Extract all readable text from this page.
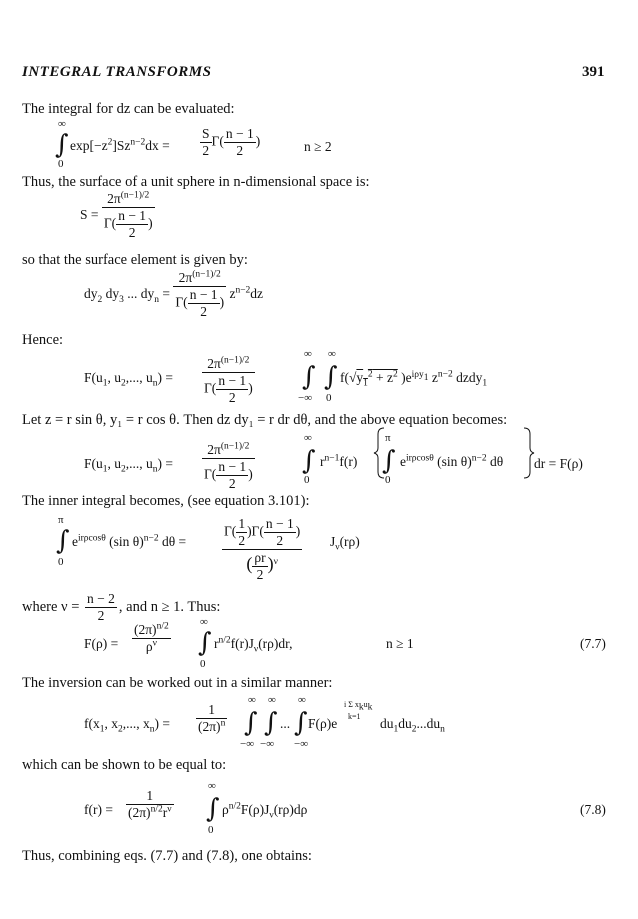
INTEGRAL TRANSFORMS	391
The integral for dz can be evaluated:
∞
∫ $\exp[-z^2]Sz^{n-2}dx = \frac{S}{2} \Gamma( \frac{n - 1}{2}$ )
0
n ≥ 2
Thus, the surface of a unit sphere in n-dimensional space is:
$S = \frac{2\pi^{(n-1)/2}}{\Gamma( \frac{n - 1}{2} )}$
so that the surface element is given by:
$dy_2$ $dy_3$ ... $dy_n = \frac{2\pi^{(n-1)/2}}{\Gamma( \frac{n - 1}{2} )} z^{n-2}dz$
Hence:
$F(u_1$, $u_2$,..., $u_n) = \frac{2\pi^{(n-1)/2}}{\Gamma( \frac{n - 1}{2} )}$
∞ ∞
∫ ∫ $f(√y_1^2 + z^2$ )$e^{i\rho y_1}$ $z^{n-2}$ dzdy$_1$
−∞ 0
Let z = r sin θ, y₁ = r cos θ. Then dz dy₁ = r dr dθ, and the above equation becomes:
$F(u_1$, $u_2$,..., $u_n) = \frac{2\pi^{(n-1)/2}}{\Gamma( \frac{n - 1}{2} )}$
∞
∫ $r^{n-1}f(r)$
0
π
∫ $e^{ir\rho cos\theta}$ (sin θ)$^{n-2}$ dθ
0
dr = F(ρ)
The inner integral becomes, (see equation 3.101):
π
∫ $e^{ir\rho cos\theta}$ (sin θ)$^{n-2}$ dθ =
0	$\frac{\Gamma( \frac{1}{2} )\Gamma( \frac{n - 1}{2} )}{( \frac{\rho r}{2} )^\nu} J_\nu(r\rho)$
where $\nu = \frac{n - 2}{2}$ , and n ≥ 1. Thus:
$F(\rho) = \frac{(2\pi)^{n/2}}{\rho^\nu}$	∞
∫ $r^{n/2}f(r)J_\nu(r\rho)dr$,
0
n ≥ 1	(7.7)
The inversion can be worked out in a similar manner:
$f(x_1$, $x_2$,..., $x_n) = \frac{1}{(2\pi)^n}$
∞ ∞ ∞
∫ ∫ ... ∫ F(ρ)e
i Σ $x_ku_k$
k=1 $du_1du_2...du_n$
−∞ −∞ −∞
which can be shown to be equal to:
$f(r) = \frac{1}{(2\pi)^{n/2}r^\nu}$
∞
∫ $\rho^{n/2}F(\rho)J_\nu(r\rho)d\rho$
0
(7.8)
Thus, combining eqs. (7.7) and (7.8), one obtains:
